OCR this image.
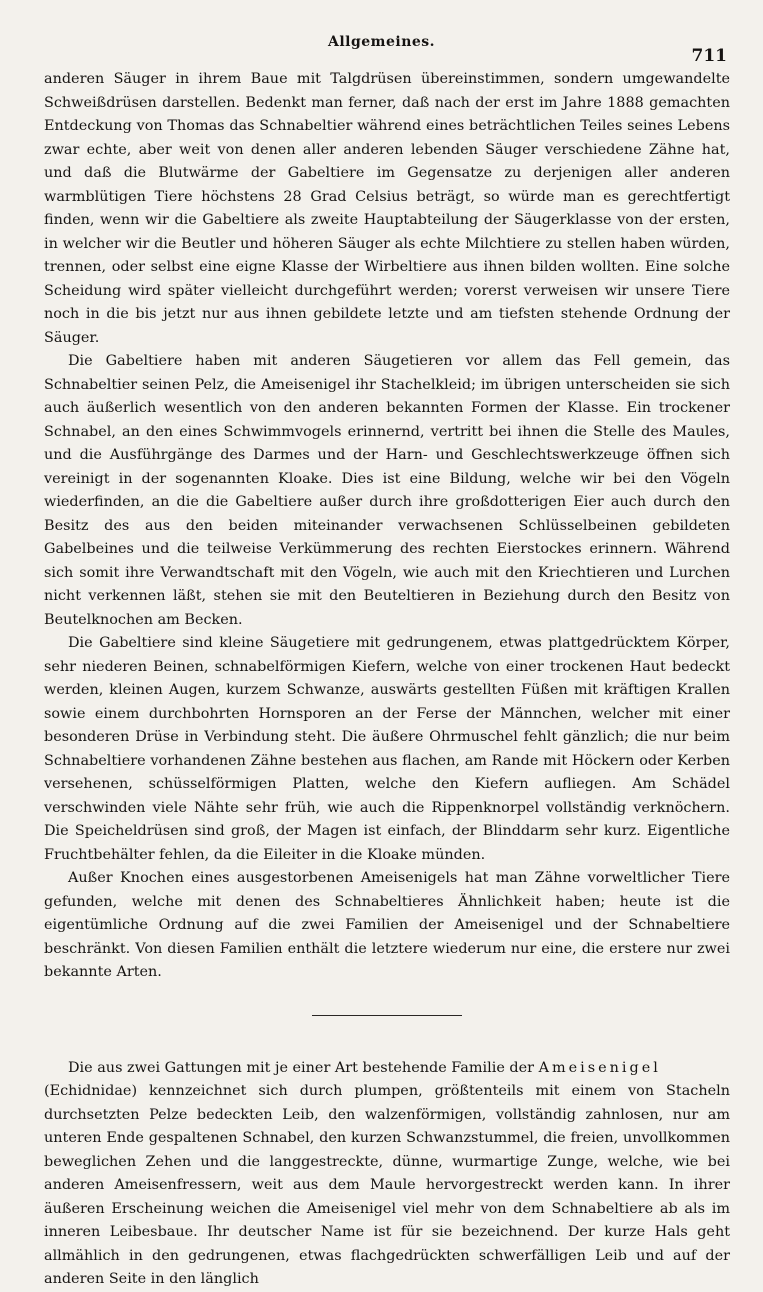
Allgemeines.
711

anderen Säuger in ihrem Baue mit Talgdrüsen übereinstimmen, sondern umgewandelte Schweißdrüsen darstellen. Bedenkt man ferner, daß nach der erst im Jahre 1888 gemachten Entdeckung von Thomas das Schnabeltier während eines beträchtlichen Teiles seines Lebens zwar echte, aber weit von denen aller anderen lebenden Säuger verschiedene Zähne hat, und daß die Blutwärme der Gabeltiere im Gegensatze zu derjenigen aller anderen warmblütigen Tiere höchstens 28 Grad Celsius beträgt, so würde man es gerechtfertigt finden, wenn wir die Gabeltiere als zweite Hauptabteilung der Säugerklasse von der ersten, in welcher wir die Beutler und höheren Säuger als echte Milchtiere zu stellen haben würden, trennen, oder selbst eine eigne Klasse der Wirbeltiere aus ihnen bilden wollten. Eine solche Scheidung wird später vielleicht durchgeführt werden; vorerst verweisen wir unsere Tiere noch in die bis jetzt nur aus ihnen gebildete letzte und am tiefsten stehende Ordnung der Säuger.

Die Gabeltiere haben mit anderen Säugetieren vor allem das Fell gemein, das Schnabeltier seinen Pelz, die Ameisenigel ihr Stachelkleid; im übrigen unterscheiden sie sich auch äußerlich wesentlich von den anderen bekannten Formen der Klasse. Ein trockener Schnabel, an den eines Schwimmvogels erinnernd, vertritt bei ihnen die Stelle des Maules, und die Ausführgänge des Darmes und der Harn- und Geschlechtswerkzeuge öffnen sich vereinigt in der sogenannten Kloake. Dies ist eine Bildung, welche wir bei den Vögeln wiederfinden, an die die Gabeltiere außer durch ihre großdotterigen Eier auch durch den Besitz des aus den beiden miteinander verwachsenen Schlüsselbeinen gebildeten Gabelbeines und die teilweise Verkümmerung des rechten Eierstockes erinnern. Während sich somit ihre Verwandtschaft mit den Vögeln, wie auch mit den Kriechtieren und Lurchen nicht verkennen läßt, stehen sie mit den Beuteltieren in Beziehung durch den Besitz von Beutelknochen am Becken.

Die Gabeltiere sind kleine Säugetiere mit gedrungenem, etwas plattgedrücktem Körper, sehr niederen Beinen, schnabelförmigen Kiefern, welche von einer trockenen Haut bedeckt werden, kleinen Augen, kurzem Schwanze, auswärts gestellten Füßen mit kräftigen Krallen sowie einem durchbohrten Hornsporen an der Ferse der Männchen, welcher mit einer besonderen Drüse in Verbindung steht. Die äußere Ohrmuschel fehlt gänzlich; die nur beim Schnabeltiere vorhandenen Zähne bestehen aus flachen, am Rande mit Höckern oder Kerben versehenen, schüsselförmigen Platten, welche den Kiefern aufliegen. Am Schädel verschwinden viele Nähte sehr früh, wie auch die Rippenknorpel vollständig verknöchern. Die Speicheldrüsen sind groß, der Magen ist einfach, der Blinddarm sehr kurz. Eigentliche Fruchtbehälter fehlen, da die Eileiter in die Kloake münden.

Außer Knochen eines ausgestorbenen Ameisenigels hat man Zähne vorweltlicher Tiere gefunden, welche mit denen des Schnabeltieres Ähnlichkeit haben; heute ist die eigentümliche Ordnung auf die zwei Familien der Ameisenigel und der Schnabeltiere beschränkt. Von diesen Familien enthält die letztere wiederum nur eine, die erstere nur zwei bekannte Arten.

Die aus zwei Gattungen mit je einer Art bestehende Familie der Ameisenigel
(Echidnidae) kennzeichnet sich durch plumpen, größtenteils mit einem von Stacheln durchsetzten Pelze bedeckten Leib, den walzenförmigen, vollständig zahnlosen, nur am unteren Ende gespaltenen Schnabel, den kurzen Schwanzstummel, die freien, unvollkommen beweglichen Zehen und die langgestreckte, dünne, wurmartige Zunge, welche, wie bei anderen Ameisenfressern, weit aus dem Maule hervorgestreckt werden kann. In ihrer äußeren Erscheinung weichen die Ameisenigel viel mehr von dem Schnabeltiere ab als im inneren Leibesbaue. Ihr deutscher Name ist für sie bezeichnend. Der kurze Hals geht allmählich in den gedrungenen, etwas flachgedrückten schwerfälligen Leib und auf der anderen Seite in den länglich
